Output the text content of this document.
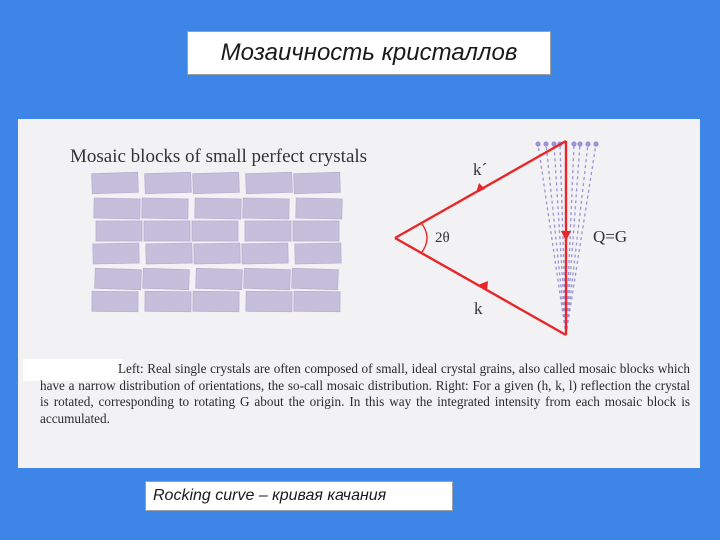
Мозаичность кристаллов
Mosaic blocks of small perfect crystals
2θ
k´
k
Q=G
Left: Real single crystals are often composed of small, ideal crystal grains, also called mosaic blocks which have a narrow distribution of orientations, the so-call mosaic distribution. Right: For a given (h, k, l) reflection the crystal is rotated, corresponding to rotating G about the origin. In this way the integrated intensity from each mosaic block is accumulated.
Rocking curve – кривая качания
